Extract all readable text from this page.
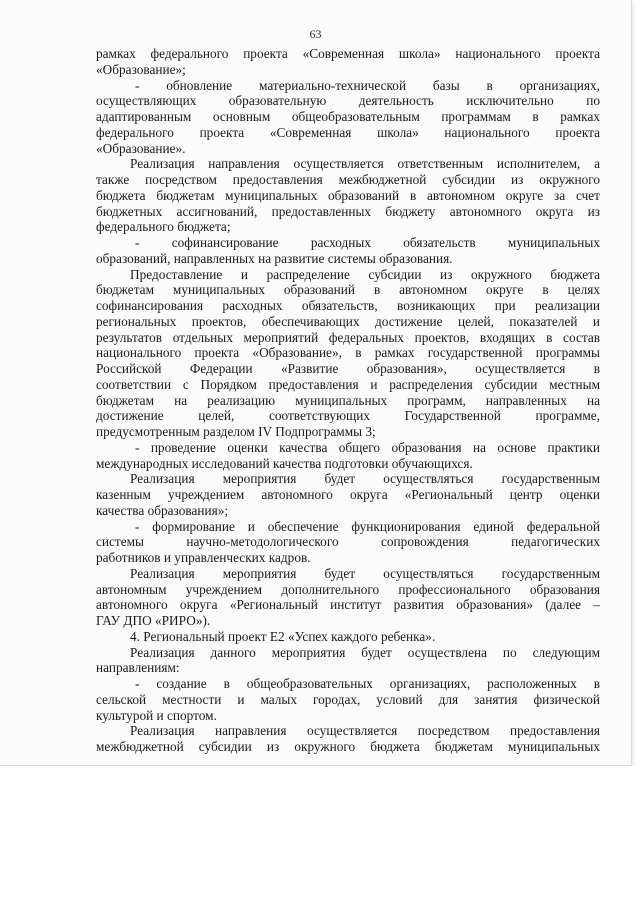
63

рамках федерального проекта «Современная школа» национального проекта

«Образование»;

- обновление материально-технической базы в организациях,

осуществляющих образовательную деятельность исключительно по

адаптированным основным общеобразовательным программам в рамках

федерального проекта «Современная школа» национального проекта

«Образование».

Реализация направления осуществляется ответственным исполнителем, а

также посредством предоставления межбюджетной субсидии из окружного

бюджета бюджетам муниципальных образований в автономном округе за счет

бюджетных ассигнований, предоставленных бюджету автономного округа из

федерального бюджета;

- софинансирование расходных обязательств муниципальных

образований, направленных на развитие системы образования.

Предоставление и распределение субсидии из окружного бюджета

бюджетам муниципальных образований в автономном округе в целях

софинансирования расходных обязательств, возникающих при реализации

региональных проектов, обеспечивающих достижение целей, показателей и

результатов отдельных мероприятий федеральных проектов, входящих в состав

национального проекта «Образование», в рамках государственной программы

Российской Федерации «Развитие образования», осуществляется в

соответствии с Порядком предоставления и распределения субсидии местным

бюджетам на реализацию муниципальных программ, направленных на

достижение целей, соответствующих Государственной программе,

предусмотренным разделом IV Подпрограммы 3;

- проведение оценки качества общего образования на основе практики

международных исследований качества подготовки обучающихся.

Реализация мероприятия будет осуществляться государственным

казенным учреждением автономного округа «Региональный центр оценки

качества образования»;

- формирование и обеспечение функционирования единой федеральной

системы научно-методологического сопровождения педагогических

работников и управленческих кадров.

Реализация мероприятия будет осуществляться государственным

автономным учреждением дополнительного профессионального образования

автономного округа «Региональный институт развития образования» (далее –

ГАУ ДПО «РИРО»).

4. Региональный проект Е2 «Успех каждого ребенка».

Реализация данного мероприятия будет осуществлена по следующим

направлениям:

- создание в общеобразовательных организациях, расположенных в

сельской местности и малых городах, условий для занятия физической

культурой и спортом.

Реализация направления осуществляется посредством предоставления

межбюджетной субсидии из окружного бюджета бюджетам муниципальных
